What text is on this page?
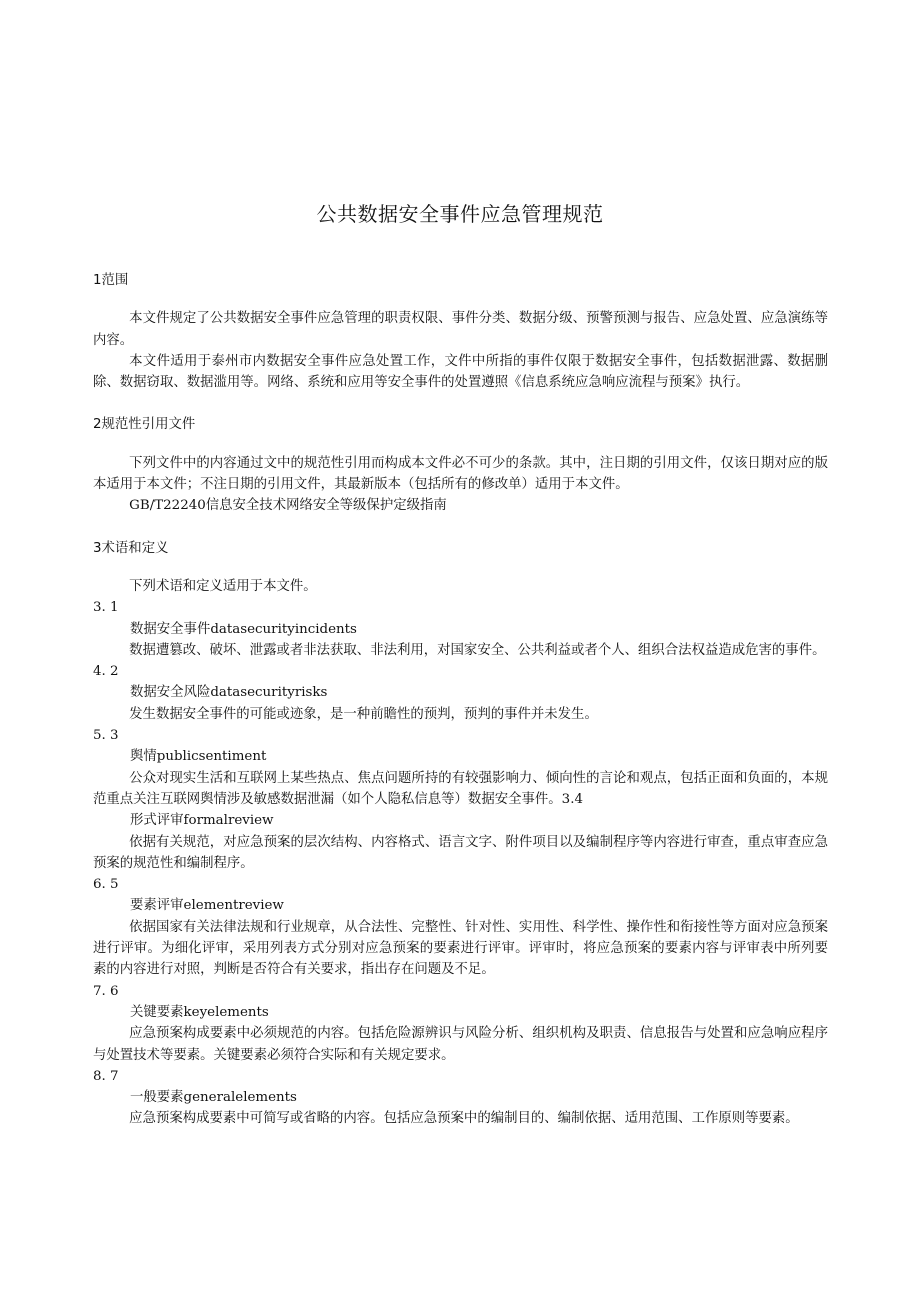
公共数据安全事件应急管理规范

1范围

本文件规定了公共数据安全事件应急管理的职责权限、事件分类、数据分级、预警预测与报告、应急处置、应急演练等内容。

本文件适用于泰州市内数据安全事件应急处置工作，文件中所指的事件仅限于数据安全事件，包括数据泄露、数据删除、数据窃取、数据滥用等。网络、系统和应用等安全事件的处置遵照《信息系统应急响应流程与预案》执行。

2规范性引用文件

下列文件中的内容通过文中的规范性引用而构成本文件必不可少的条款。其中，注日期的引用文件，仅该日期对应的版本适用于本文件；不注日期的引用文件，其最新版本（包括所有的修改单）适用于本文件。

GB/T22240信息安全技术网络安全等级保护定级指南

3术语和定义

下列术语和定义适用于本文件。

3. 1

数据安全事件datasecurityincidents

数据遭篡改、破坏、泄露或者非法获取、非法利用，对国家安全、公共利益或者个人、组织合法权益造成危害的事件。

4. 2

数据安全风险datasecurityrisks

发生数据安全事件的可能或迹象，是一种前瞻性的预判，预判的事件并未发生。

5. 3

舆情publicsentiment

公众对现实生活和互联网上某些热点、焦点问题所持的有较强影响力、倾向性的言论和观点，包括正面和负面的，本规范重点关注互联网舆情涉及敏感数据泄漏（如个人隐私信息等）数据安全事件。3.4

形式评审formalreview

依据有关规范，对应急预案的层次结构、内容格式、语言文字、附件项目以及编制程序等内容进行审查，重点审查应急预案的规范性和编制程序。

6. 5

要素评审elementreview

依据国家有关法律法规和行业规章，从合法性、完整性、针对性、实用性、科学性、操作性和衔接性等方面对应急预案进行评审。为细化评审，采用列表方式分别对应急预案的要素进行评审。评审时，将应急预案的要素内容与评审表中所列要素的内容进行对照，判断是否符合有关要求，指出存在问题及不足。

7. 6

关键要素keyelements

应急预案构成要素中必须规范的内容。包括危险源辨识与风险分析、组织机构及职责、信息报告与处置和应急响应程序与处置技术等要素。关键要素必须符合实际和有关规定要求。

8. 7

一般要素generalelements

应急预案构成要素中可简写或省略的内容。包括应急预案中的编制目的、编制依据、适用范围、工作原则等要素。
